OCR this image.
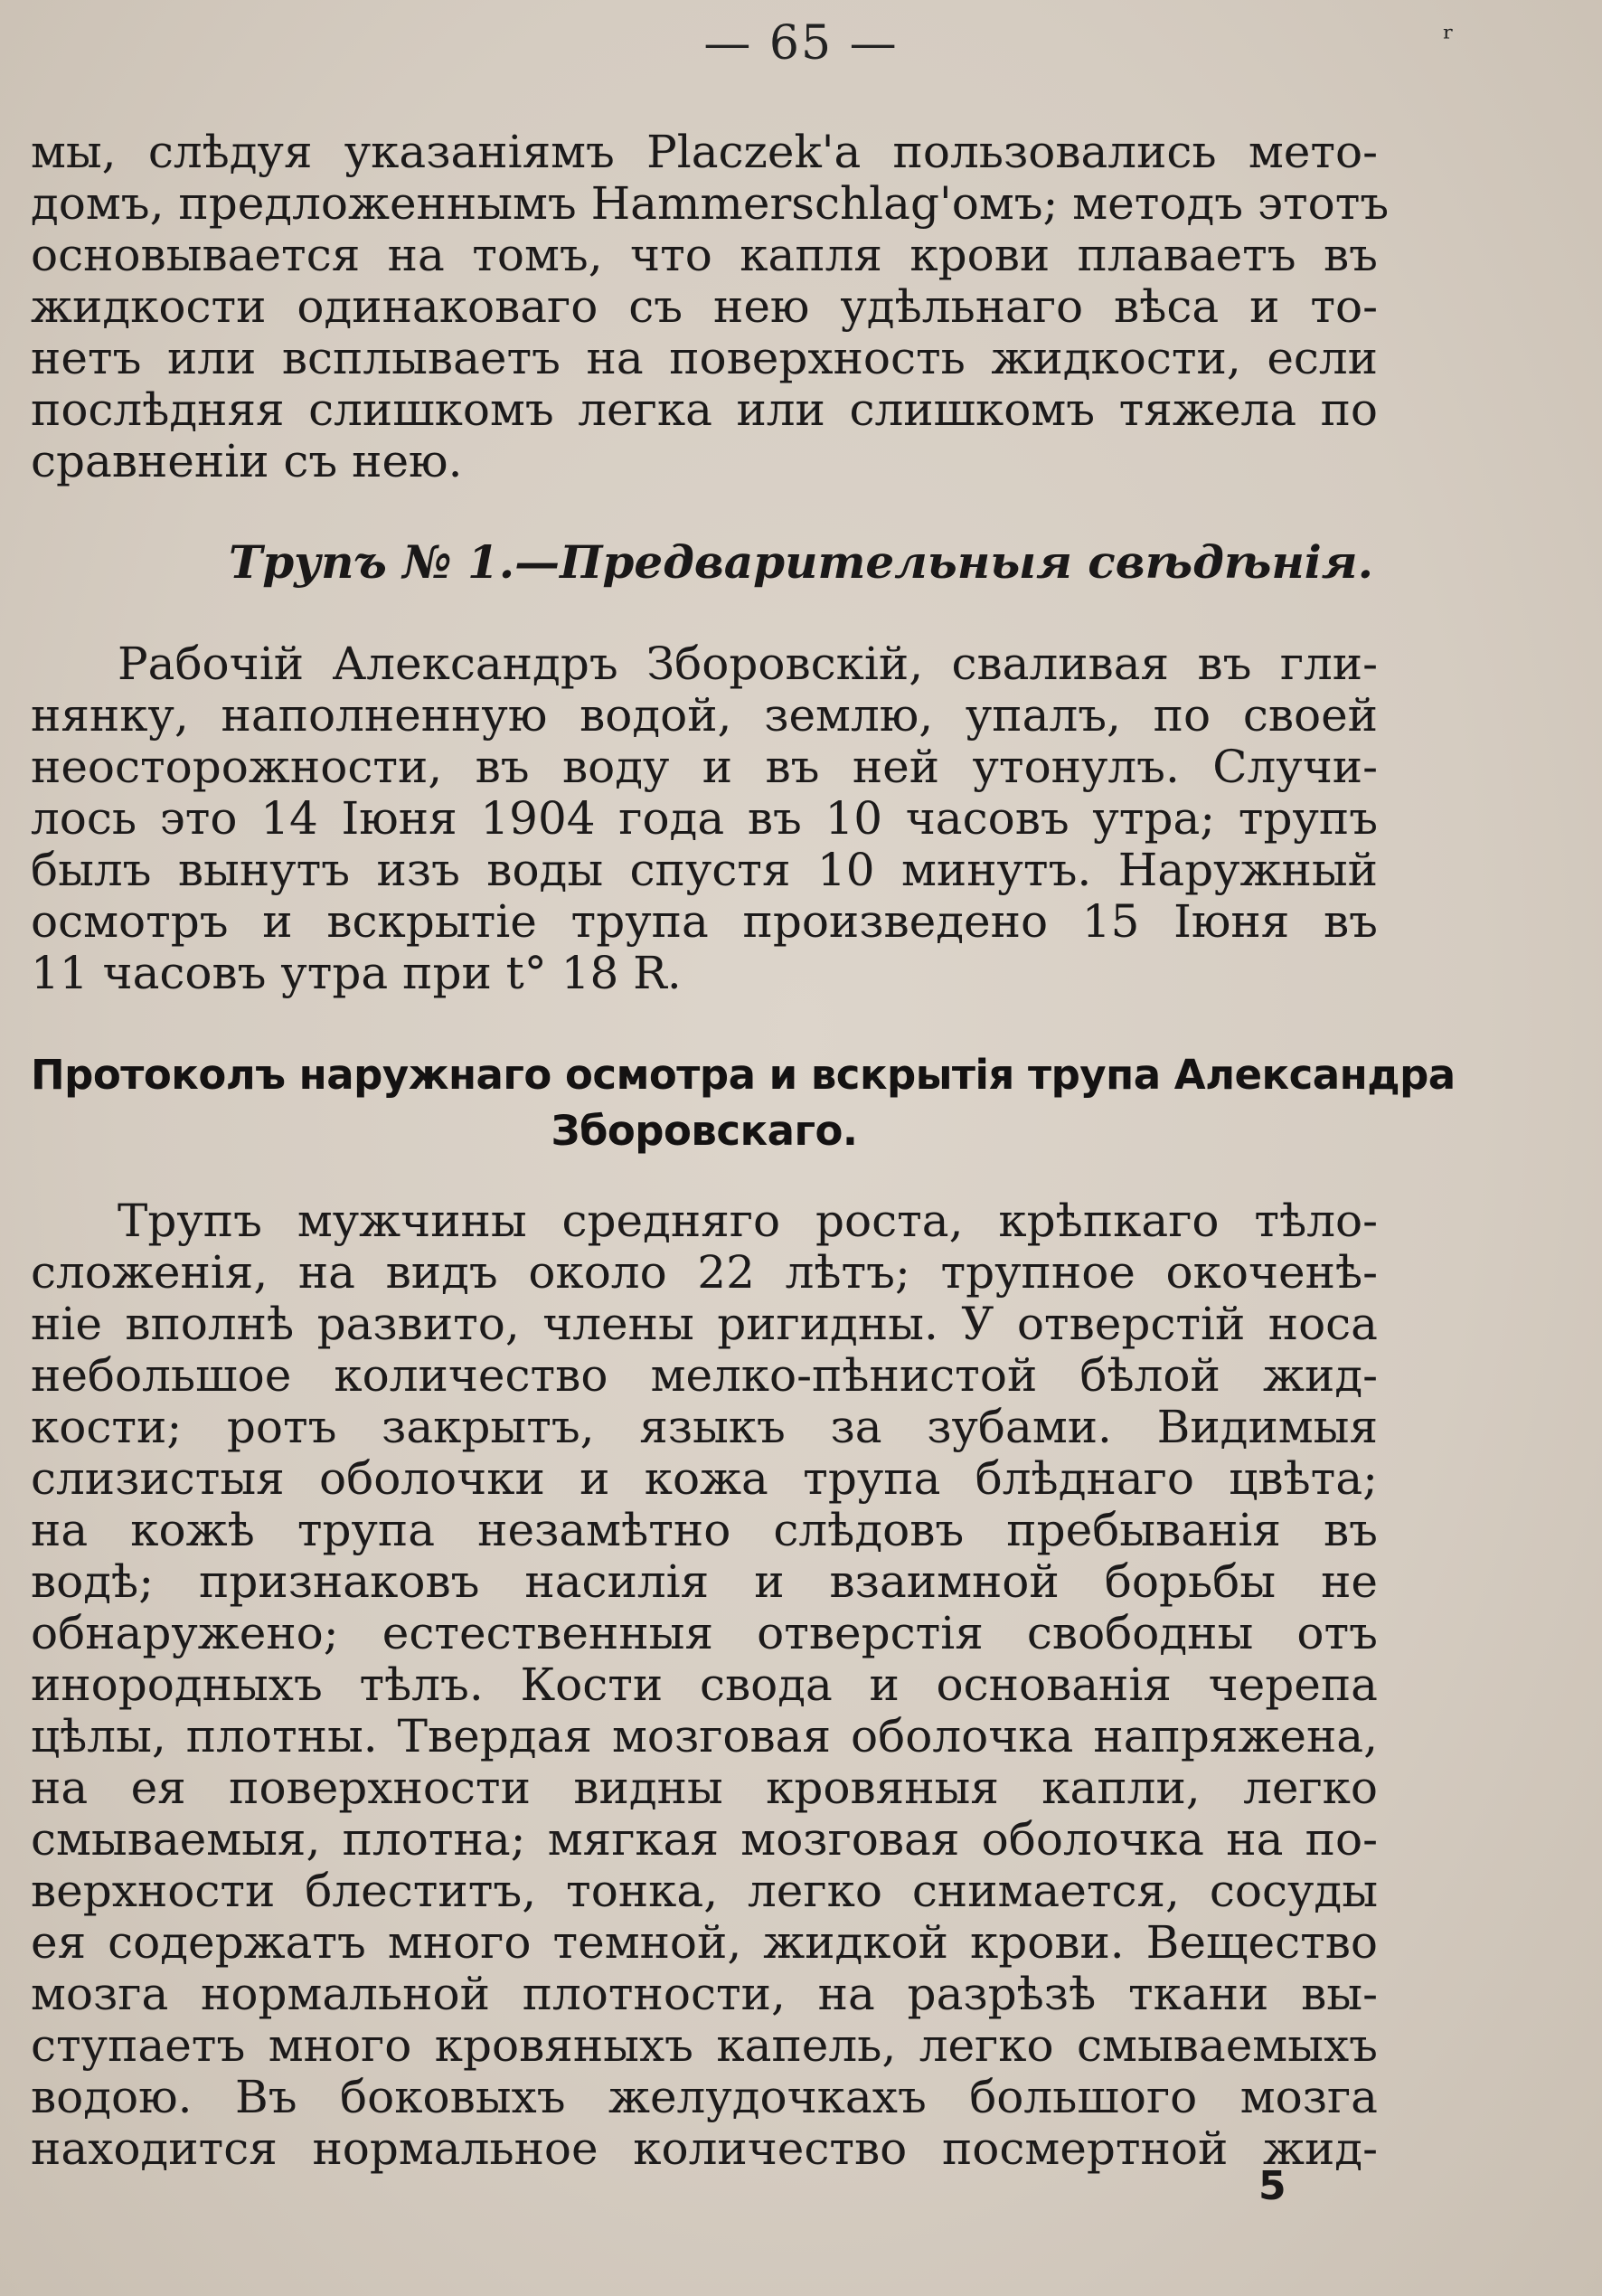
— 65 —	ʳ
мы, слѣдуя указаніямъ Placzek'а пользовались мето-
домъ, предложеннымъ Hammerschlag'омъ; методъ этотъ
основывается на томъ, что капля крови плаваетъ въ
жидкости одинаковаго съ нею удѣльнаго вѣса и то-
нетъ или всплываетъ на поверхность жидкости, если
послѣдняя слишкомъ легка или слишкомъ тяжела по
сравненіи съ нею.
Трупъ № 1.—Предварительныя свѣдѣнія.
Рабочій Александръ Зборовскій, сваливая въ гли-
нянку, наполненную водой, землю, упалъ, по своей
неосторожности, въ воду и въ ней утонулъ. Случи-
лось это 14 Іюня 1904 года въ 10 часовъ утра; трупъ
былъ вынутъ изъ воды спустя 10 минутъ. Наружный
осмотръ и вскрытіе трупа произведено 15 Іюня въ
11 часовъ утра при t° 18 R.
Протоколъ наружнаго осмотра и вскрытія трупа Александра
Зборовскаго.
Трупъ мужчины средняго роста, крѣпкаго тѣло-
сложенія, на видъ около 22 лѣтъ; трупное окоченѣ-
ніе вполнѣ развито, члены ригидны. У отверстій носа
небольшое количество мелко-пѣнистой бѣлой жид-
кости; ротъ закрытъ, языкъ за зубами. Видимыя
слизистыя оболочки и кожа трупа блѣднаго цвѣта;
на кожѣ трупа незамѣтно слѣдовъ пребыванія въ
водѣ; признаковъ насилія и взаимной борьбы не
обнаружено; естественныя отверстія свободны отъ
инородныхъ тѣлъ. Кости свода и основанія черепа
цѣлы, плотны. Твердая мозговая оболочка напряжена,
на ея поверхности видны кровяныя капли, легко
смываемыя, плотна; мягкая мозговая оболочка на по-
верхности блеститъ, тонка, легко снимается, сосуды
ея содержатъ много темной, жидкой крови. Вещество
мозга нормальной плотности, на разрѣзѣ ткани вы-
ступаетъ много кровяныхъ капель, легко смываемыхъ
водою. Въ боковыхъ желудочкахъ большого мозга
находится нормальное количество посмертной жид-
5
